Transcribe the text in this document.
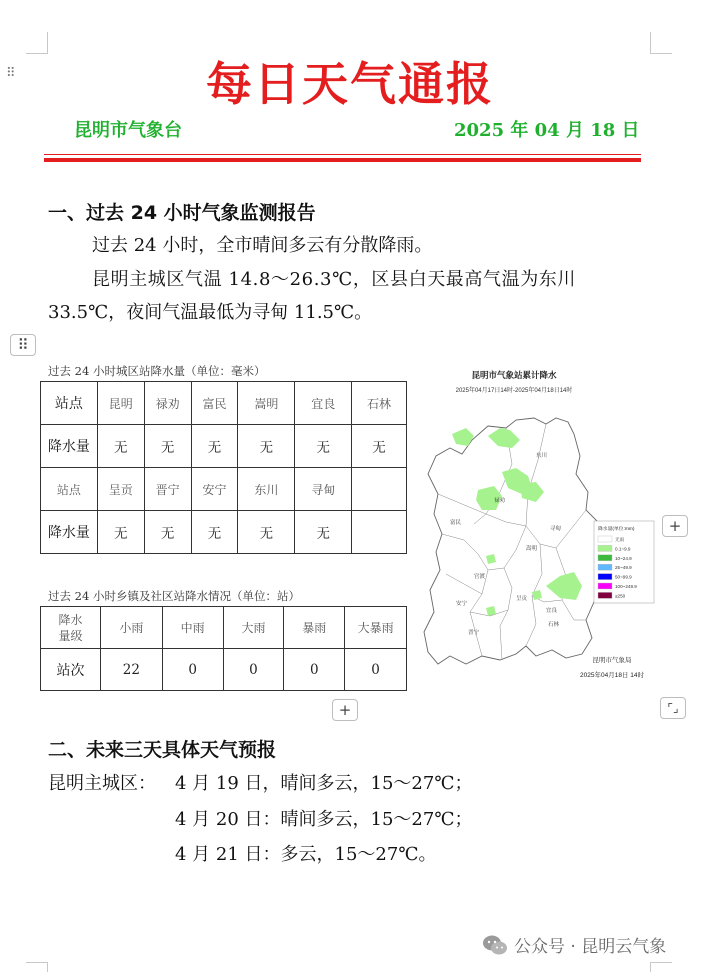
⠿	每日天气通报
昆明市气象台	2025 年 04 月 18 日
一、过去 24 小时气象监测报告
过去 24 小时，全市晴间多云有分散降雨。
昆明主城区气温 14.8～26.3℃，区县白天最高气温为东川
33.5℃，夜间气温最低为寻甸 11.5℃。
⠿
过去 24 小时城区站降水量（单位：毫米）
站点	昆明	禄劝	富民	嵩明	宜良	石林
降水量	无	无	无	无	无	无
站点	呈贡	晋宁	安宁	东川	寻甸	
降水量	无	无	无	无	无	
过去 24 小时乡镇及社区站降水情况（单位：站）
降水量级	小雨	中雨	大雨	暴雨	大暴雨
站次	22	0	0	0	0
昆明市气象站累计降水
2025年04月17日14时-2025年04月18日14时
东川
禄劝
富民
寻甸
嵩明
官渡
安宁
呈贡
宜良
晋宁
石林
降水量(单位:mm)
无雨
0.1~9.9
10~24.9
25~49.9
50~99.9
100~249.9
≥250
昆明市气象局
2025年04月18日 14时
+
+	⌜⌟
二、未来三天具体天气预报
昆明主城区： 4 月 19 日，晴间多云，15～27℃；
4 月 20 日：晴间多云，15～27℃；
4 月 21 日：多云，15～27℃。
公众号 · 昆明云气象
